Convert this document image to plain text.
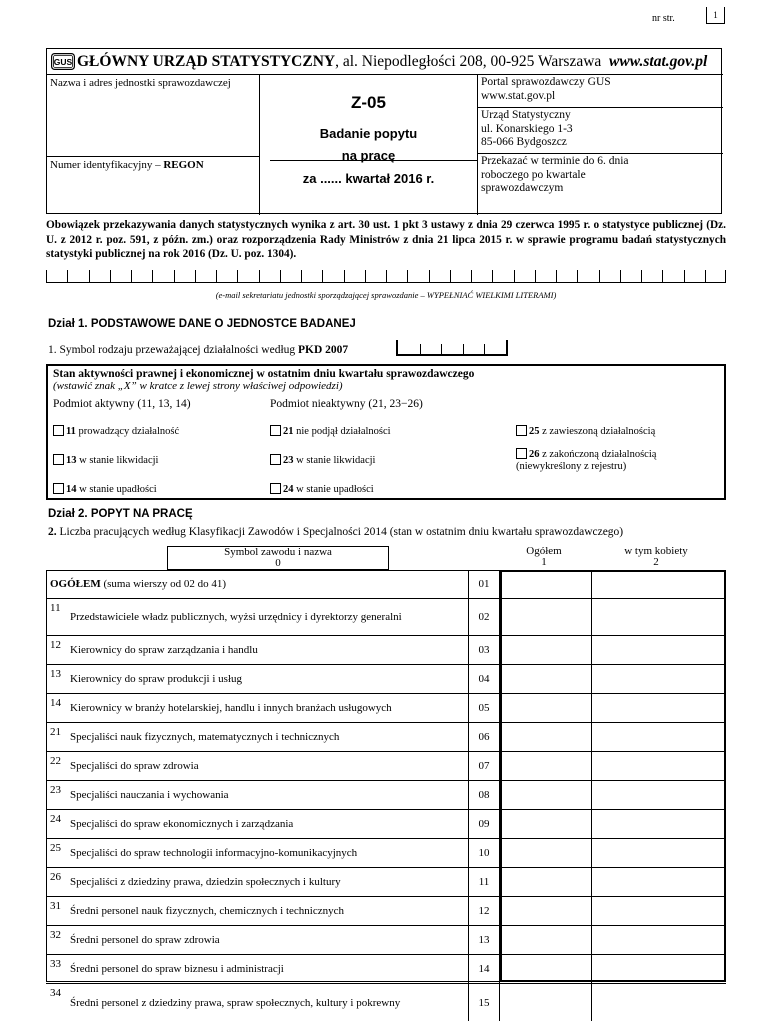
nr str.	1
GUS GŁÓWNY URZĄD STATYSTYCZNY, al. Niepodległości 208, 00-925 Warszawa www.stat.gov.pl
Nazwa i adres jednostki sprawozdawczej
Numer identyfikacyjny – REGON
Z-05
Badanie popytu
na pracę
za ...... kwartał 2016 r.
Portal sprawozdawczy GUS
www.stat.gov.pl
Urząd Statystyczny
ul. Konarskiego 1-3
85-066 Bydgoszcz
Przekazać w terminie do 6. dnia
roboczego po kwartale
sprawozdawczym
Obowiązek przekazywania danych statystycznych wynika z art. 30 ust. 1 pkt 3 ustawy z dnia 29 czerwca 1995 r. o statystyce publicznej (Dz. U. z 2012 r. poz. 591, z późn. zm.) oraz rozporządzenia Rady Ministrów z dnia 21 lipca 2015 r. w sprawie programu badań statystycznych statystyki publicznej na rok 2016 (Dz. U. poz. 1304).
(e-mail sekretariatu jednostki sporządzającej sprawozdanie – WYPEŁNIAĆ WIELKIMI LITERAMI)
Dział 1. PODSTAWOWE DANE O JEDNOSTCE BADANEJ
1. Symbol rodzaju przeważającej działalności według PKD 2007
Stan aktywności prawnej i ekonomicznej w ostatnim dniu kwartału sprawozdawczego
(wstawić znak „X” w kratce z lewej strony właściwej odpowiedzi)
Podmiot aktywny (11, 13, 14)	Podmiot nieaktywny (21, 23−26)
11 prowadzący działalność
13 w stanie likwidacji
14 w stanie upadłości
21 nie podjął działalności
23 w stanie likwidacji
24 w stanie upadłości
25 z zawieszoną działalnością
26 z zakończoną działalnością
(niewykreślony z rejestru)
Dział 2. POPYT NA PRACĘ
2. Liczba pracujących według Klasyfikacji Zawodów i Specjalności 2014 (stan w ostatnim dniu kwartału sprawozdawczego)
Symbol zawodu i nazwa
0
Ogółem
1
w tym kobiety
2
OGÓŁEM (suma wierszy od 02 do 41)	01
11
Przedstawiciele władz publicznych, wyżsi urzędnicy i dyrektorzy generalni	02
12 Kierownicy do spraw zarządzania i handlu	03
13 Kierownicy do spraw produkcji i usług	04
14 Kierownicy w branży hotelarskiej, handlu i innych branżach usługowych	05
21 Specjaliści nauk fizycznych, matematycznych i technicznych	06
22 Specjaliści do spraw zdrowia	07
23 Specjaliści nauczania i wychowania	08
24 Specjaliści do spraw ekonomicznych i zarządzania	09
25 Specjaliści do spraw technologii informacyjno-komunikacyjnych	10
26 Specjaliści z dziedziny prawa, dziedzin społecznych i kultury	11
31 Średni personel nauk fizycznych, chemicznych i technicznych	12
32 Średni personel do spraw zdrowia	13
33 Średni personel do spraw biznesu i administracji	14
34
Średni personel z dziedziny prawa, spraw społecznych, kultury i pokrewny	15
